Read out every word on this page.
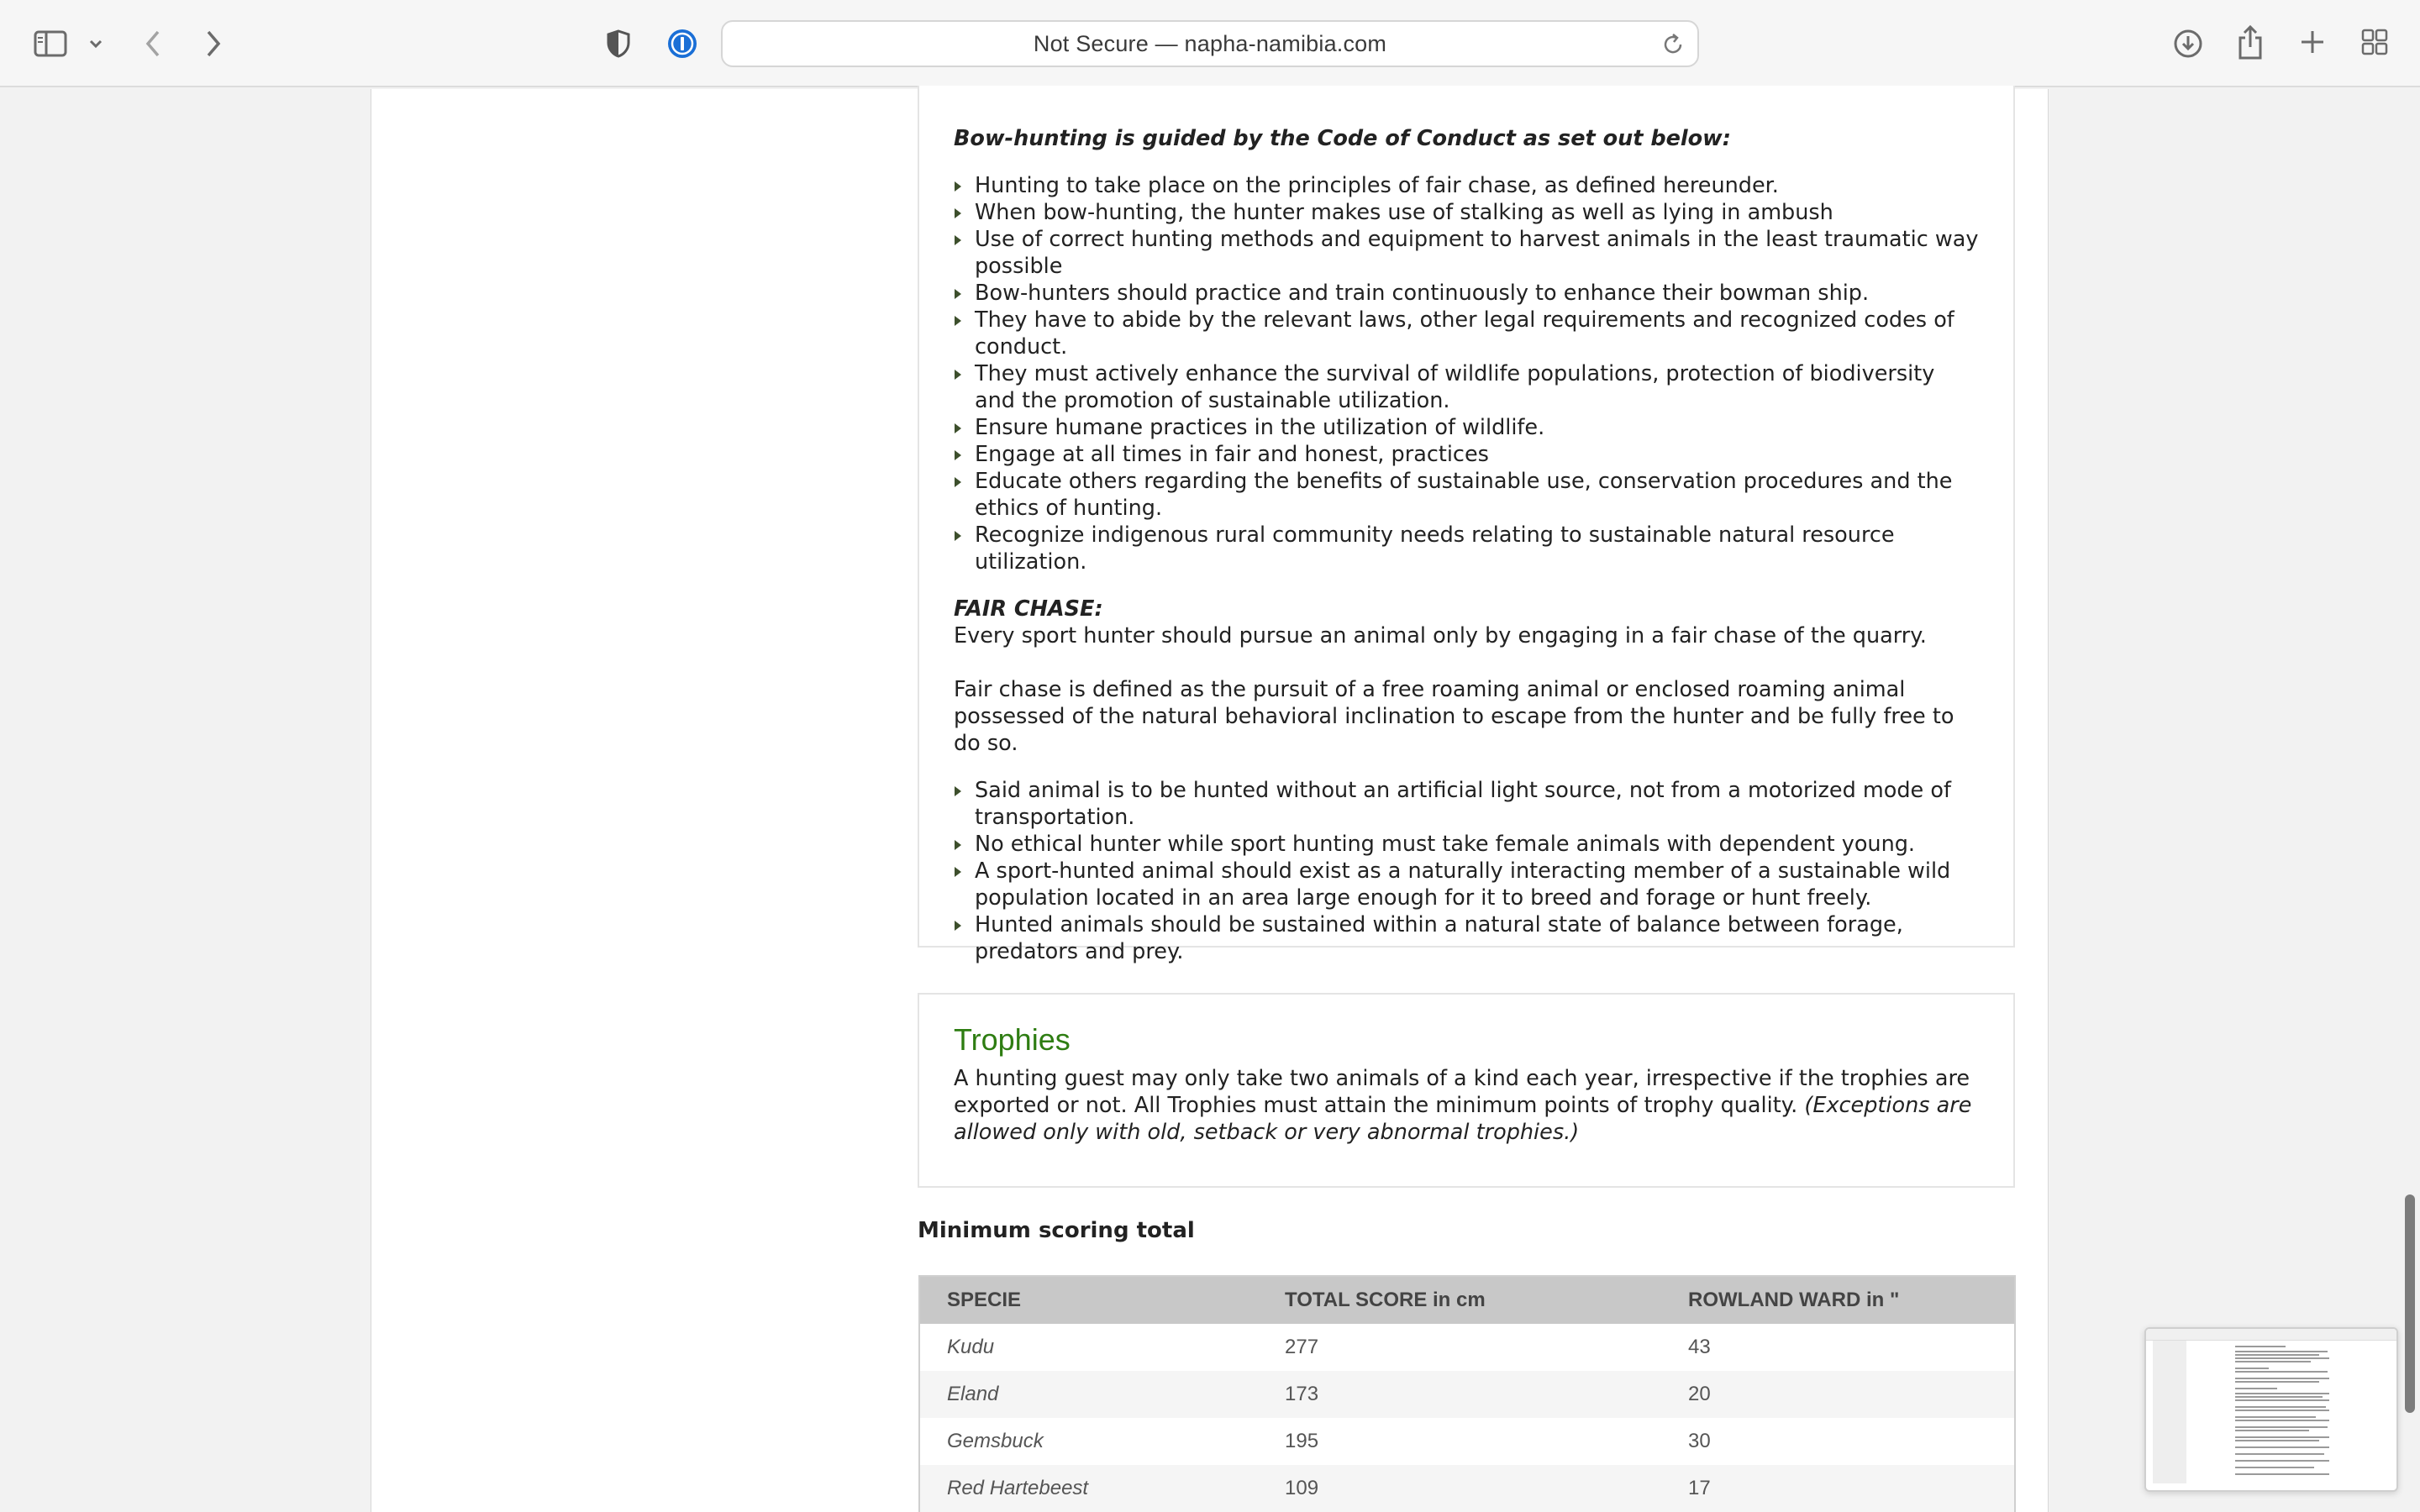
Not Secure — napha-namibia.com

Bow-hunting is guided by the Code of Conduct as set out below:

Hunting to take place on the principles of fair chase, as defined hereunder.
When bow-hunting, the hunter makes use of stalking as well as lying in ambush
Use of correct hunting methods and equipment to harvest animals in the least traumatic way possible
Bow-hunters should practice and train continuously to enhance their bowman ship.
They have to abide by the relevant laws, other legal requirements and recognized codes of conduct.
They must actively enhance the survival of wildlife populations, protection of biodiversity and the promotion of sustainable utilization.
Ensure humane practices in the utilization of wildlife.
Engage at all times in fair and honest, practices
Educate others regarding the benefits of sustainable use, conservation procedures and the ethics of hunting.
Recognize indigenous rural community needs relating to sustainable natural resource utilization.

FAIR CHASE:

Every sport hunter should pursue an animal only by engaging in a fair chase of the quarry.

Fair chase is defined as the pursuit of a free roaming animal or enclosed roaming animal possessed of the natural behavioral inclination to escape from the hunter and be fully free to do so.

Said animal is to be hunted without an artificial light source, not from a motorized mode of transportation.
No ethical hunter while sport hunting must take female animals with dependent young.
A sport-hunted animal should exist as a naturally interacting member of a sustainable wild population located in an area large enough for it to breed and forage or hunt freely.
Hunted animals should be sustained within a natural state of balance between forage, predators and prey.
Trophies

A hunting guest may only take two animals of a kind each year, irrespective if the trophies are exported or not. All Trophies must attain the minimum points of trophy quality. (Exceptions are allowed only with old, setback or very abnormal trophies.)

Minimum scoring total
SPECIE	TOTAL SCORE in cm	ROWLAND WARD in "
Kudu	277	43
Eland	173	20
Gemsbuck	195	30
Red Hartebeest	109	17
